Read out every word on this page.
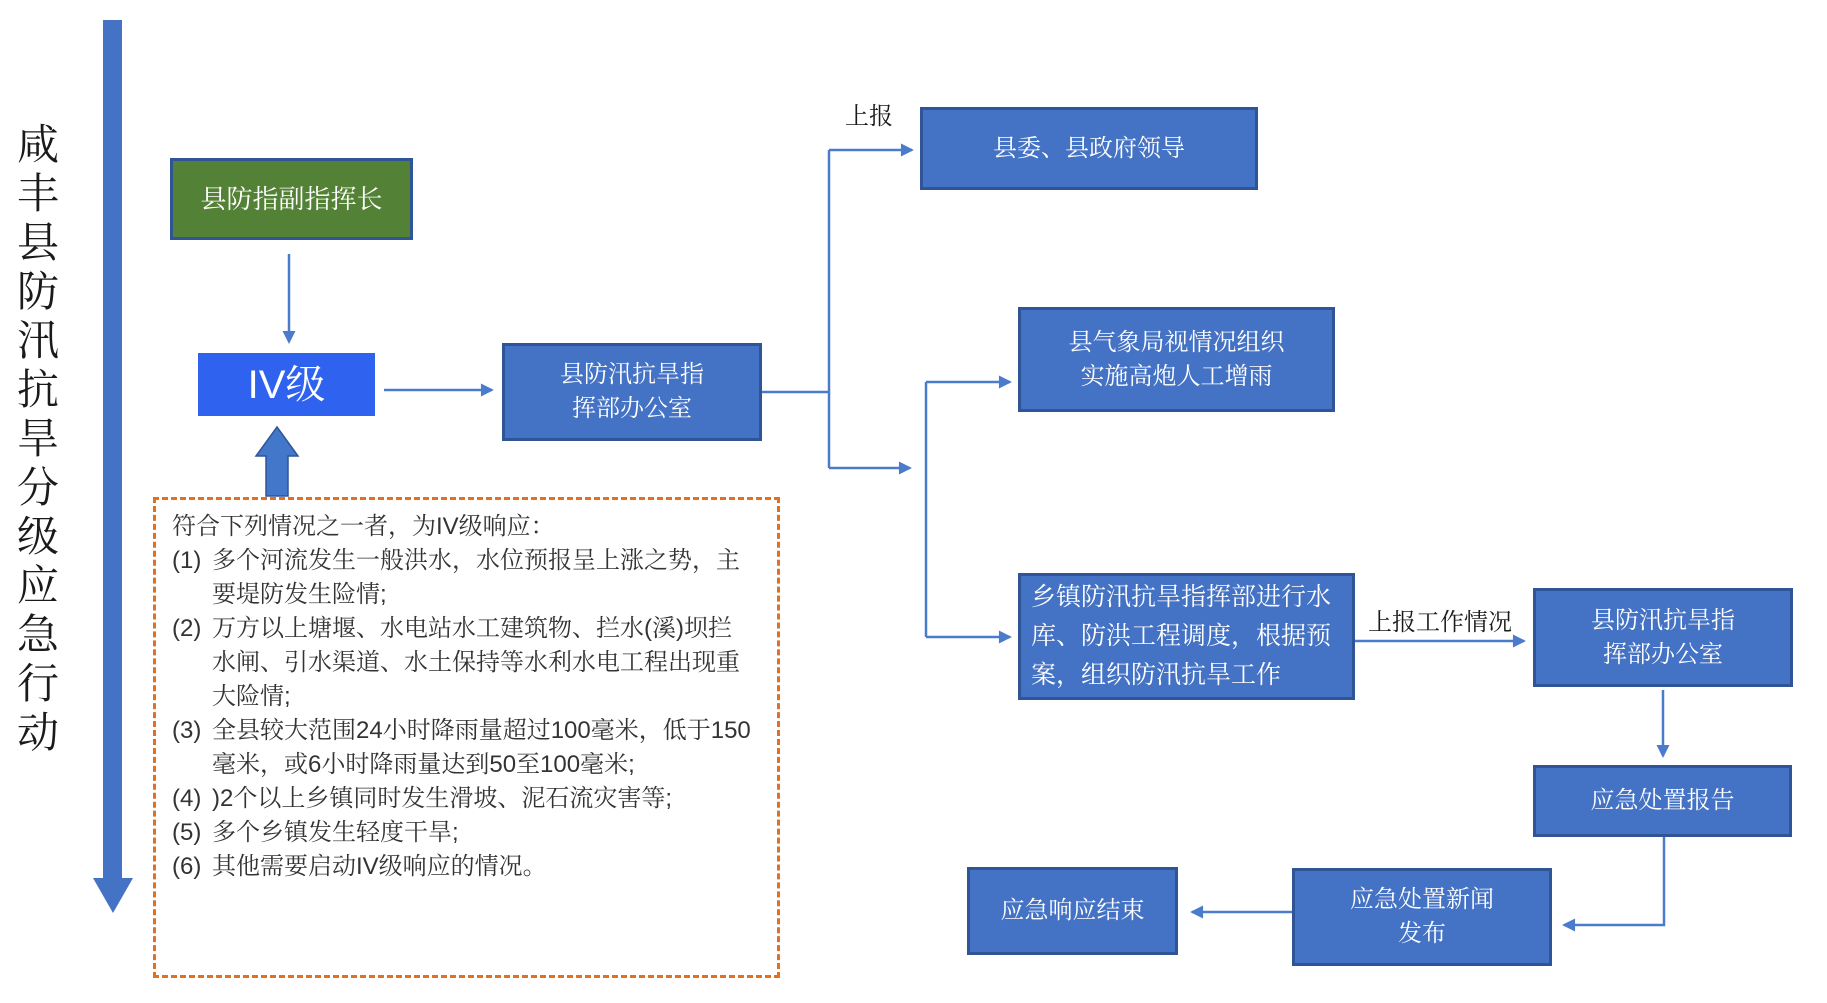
咸
丰
县
防
汛
抗
旱
分
级
应
急
行
动
县防指副指挥长
IV级	县防汛抗旱指
挥部办公室
县委、县政府领导
县气象局视情况组织
实施高炮人工增雨
乡镇防汛抗旱指挥部进行水
库、防洪工程调度，根据预
案，组织防汛抗旱工作
县防汛抗旱指
挥部办公室
应急处置报告
应急处置新闻
发布
应急响应结束
上报
上报工作情况
符合下列情况之一者，为IV级响应：
(1) 多个河流发生一般洪水，水位预报呈上涨之势，主
要堤防发生险情;
(2) 万方以上塘堰、水电站水工建筑物、拦水(溪)坝拦
水闸、引水渠道、水土保持等水利水电工程出现重
大险情;
(3) 全县较大范围24小时降雨量超过100毫米，低于150
毫米，或6小时降雨量达到50至100毫米;
(4) )2个以上乡镇同时发生滑坡、泥石流灾害等;
(5) 多个乡镇发生轻度干旱;
(6) 其他需要启动IV级响应的情况。
